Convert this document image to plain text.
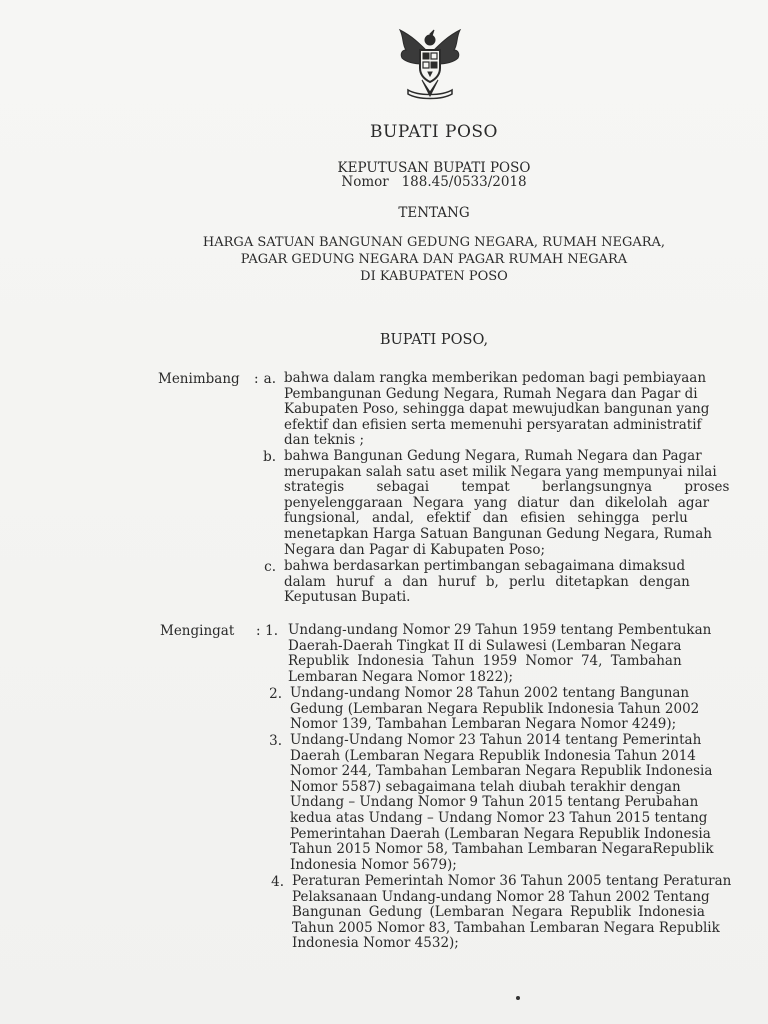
BUPATI POSO
KEPUTUSAN BUPATI POSO
Nomor   188.45/0533/2018
TENTANG
HARGA SATUAN BANGUNAN GEDUNG NEGARA, RUMAH NEGARA,
PAGAR GEDUNG NEGARA DAN PAGAR RUMAH NEGARA
DI KABUPATEN POSO
BUPATI POSO,
Menimbang : a. bahwa dalam rangka memberikan pedoman bagi pembiayaan
Pembangunan Gedung Negara, Rumah Negara dan Pagar di
Kabupaten Poso, sehingga dapat mewujudkan bangunan yang
efektif dan efisien serta memenuhi persyaratan administratif
dan teknis ;
b. bahwa Bangunan Gedung Negara, Rumah Negara dan Pagar
merupakan salah satu aset milik Negara yang mempunyai nilai
strategis sebagai tempat berlangsungnya proses
penyelenggaraan Negara yang diatur dan dikelolah agar
fungsional, andal, efektif dan efisien sehingga perlu
menetapkan Harga Satuan Bangunan Gedung Negara, Rumah
Negara dan Pagar di Kabupaten Poso;
c. bahwa berdasarkan pertimbangan sebagaimana dimaksud
dalam huruf a dan huruf b, perlu ditetapkan dengan
Keputusan Bupati.
Mengingat : 1. Undang-undang Nomor 29 Tahun 1959 tentang Pembentukan
Daerah-Daerah Tingkat II di Sulawesi (Lembaran Negara
Republik Indonesia Tahun 1959 Nomor 74, Tambahan
Lembaran Negara Nomor 1822);
2. Undang-undang Nomor 28 Tahun 2002 tentang Bangunan
Gedung (Lembaran Negara Republik Indonesia Tahun 2002
Nomor 139, Tambahan Lembaran Negara Nomor 4249);
3. Undang-Undang Nomor 23 Tahun 2014 tentang Pemerintah
Daerah (Lembaran Negara Republik Indonesia Tahun 2014
Nomor 244, Tambahan Lembaran Negara Republik Indonesia
Nomor 5587) sebagaimana telah diubah terakhir dengan
Undang – Undang Nomor 9 Tahun 2015 tentang Perubahan
kedua atas Undang – Undang Nomor 23 Tahun 2015 tentang
Pemerintahan Daerah (Lembaran Negara Republik Indonesia
Tahun 2015 Nomor 58, Tambahan Lembaran NegaraRepublik
Indonesia Nomor 5679);
4. Peraturan Pemerintah Nomor 36 Tahun 2005 tentang Peraturan
Pelaksanaan Undang-undang Nomor 28 Tahun 2002 Tentang
Bangunan Gedung (Lembaran Negara Republik Indonesia
Tahun 2005 Nomor 83, Tambahan Lembaran Negara Republik
Indonesia Nomor 4532);
